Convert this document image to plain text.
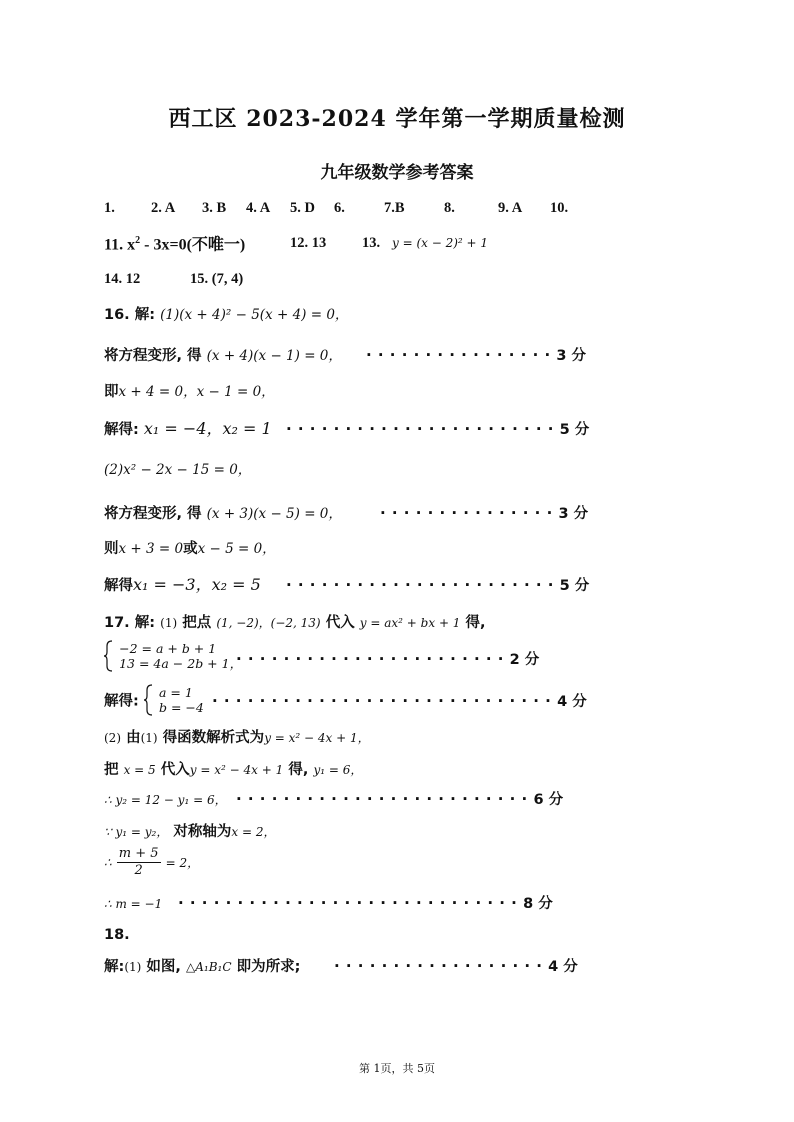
西工区 2023-2024 学年第一学期质量检测
九年级数学参考答案
1. 2. A 3. B 4. A 5. D 6.	7.B	8.	9. A 10.
11. $x^2 - 3x=0$(不唯一)	12. 13 13. y = (x − 2)² + 1
14. 12	15. (7, 4)
16. 解: (1)(x + 4)² − 5(x + 4) = 0，
将方程变形, 得 (x + 4)(x − 1) = 0， ················3 分
即x + 4 = 0，x − 1 = 0，
解得: x₁ = −4，x₂ = 1 ·······················5 分
(2)x² − 2x − 15 = 0，
将方程变形, 得 (x + 3)(x − 5) = 0，	···············3 分
则x + 3 = 0或x − 5 = 0，
解得x₁ = −3，x₂ = 5 ·······················5 分
17. 解: (1) 把点 (1, −2)，(−2, 13) 代入 y = ax² + bx + 1 得,

−2 = a + b + 1
13 = 4a − 2b + 1，
·······················2 分
解得:
a = 1
b = −4 ·····························4 分
(2) 由(1) 得函数解析式为y = x² − 4x + 1，
把 x = 5 代入y = x² − 4x + 1 得, y₁ = 6，
∴ y₂ = 12 − y₁ = 6， ·························6 分
∵ y₁ = y₂， 对称轴为x = 2，
∴ $\frac{m + 5}{2} = 2$，
∴ m = −1 ·····························8 分
18.
解:(1) 如图, △A₁B₁C 即为所求; ··················4 分
第 1页，共 5页
